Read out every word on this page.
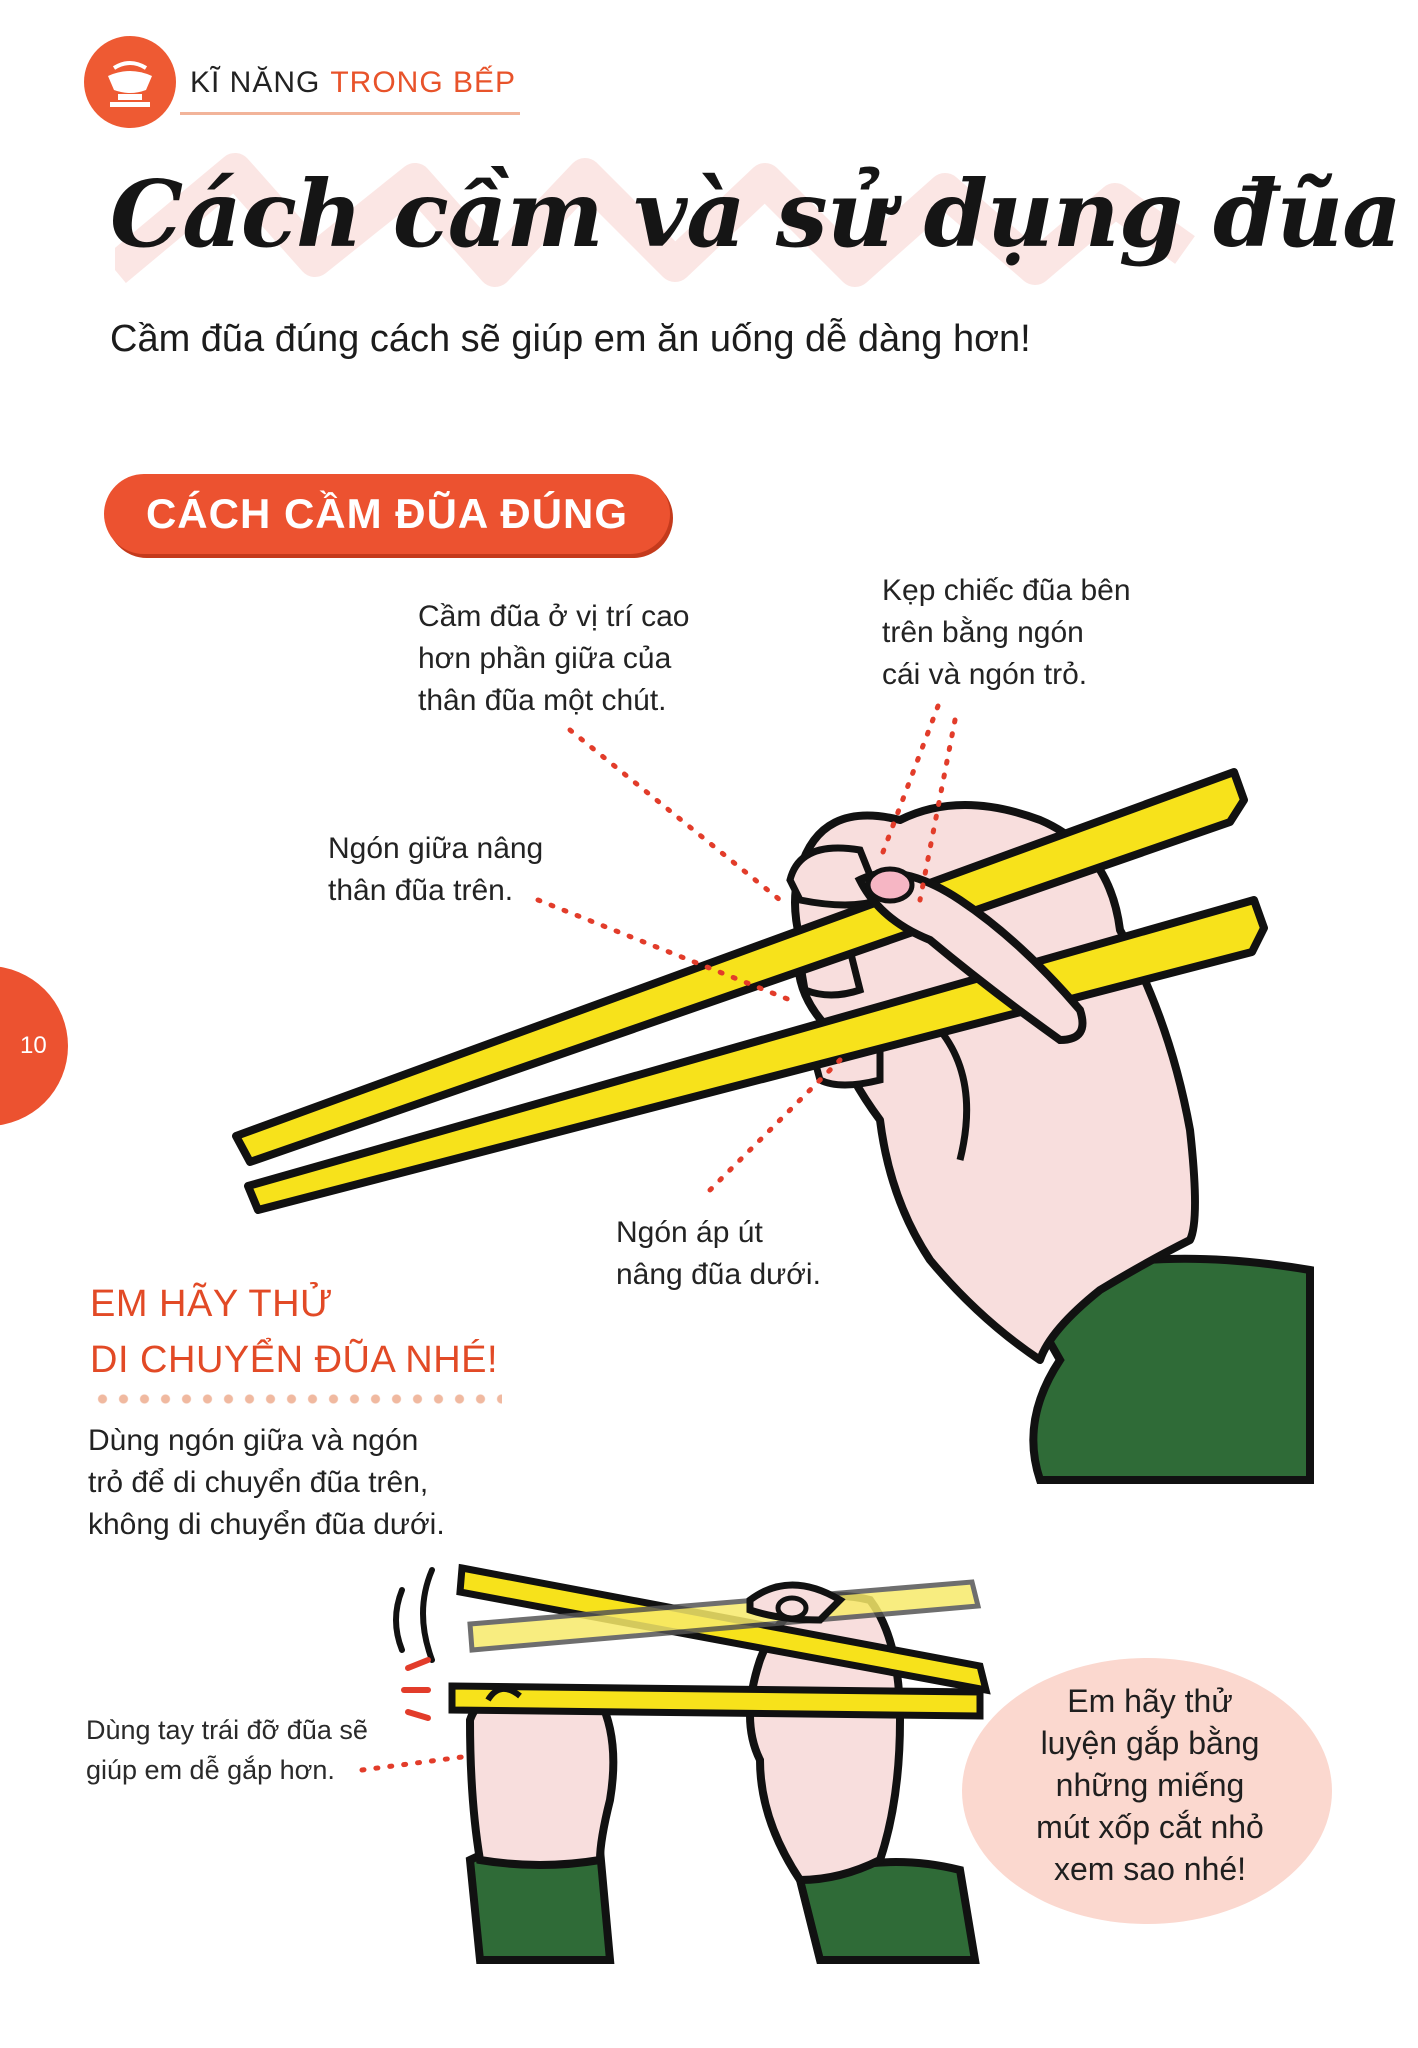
KĨ NĂNG TRONG BẾP
Cách cầm và sử dụng đũa
Cầm đũa đúng cách sẽ giúp em ăn uống dễ dàng hơn!
CÁCH CẦM ĐŨA ĐÚNG
Cầm đũa ở vị trí cao
hơn phần giữa của
thân đũa một chút.
Kẹp chiếc đũa bên
trên bằng ngón
cái và ngón trỏ.
Ngón giữa nâng
thân đũa trên.
Ngón áp út
nâng đũa dưới.
10
EM HÃY THỬ
DI CHUYỂN ĐŨA NHÉ!
Dùng ngón giữa và ngón
trỏ để di chuyển đũa trên,
không di chuyển đũa dưới.
Dùng tay trái đỡ đũa sẽ
giúp em dễ gắp hơn.
Em hãy thử
luyện gắp bằng
những miếng
mút xốp cắt nhỏ
xem sao nhé!
